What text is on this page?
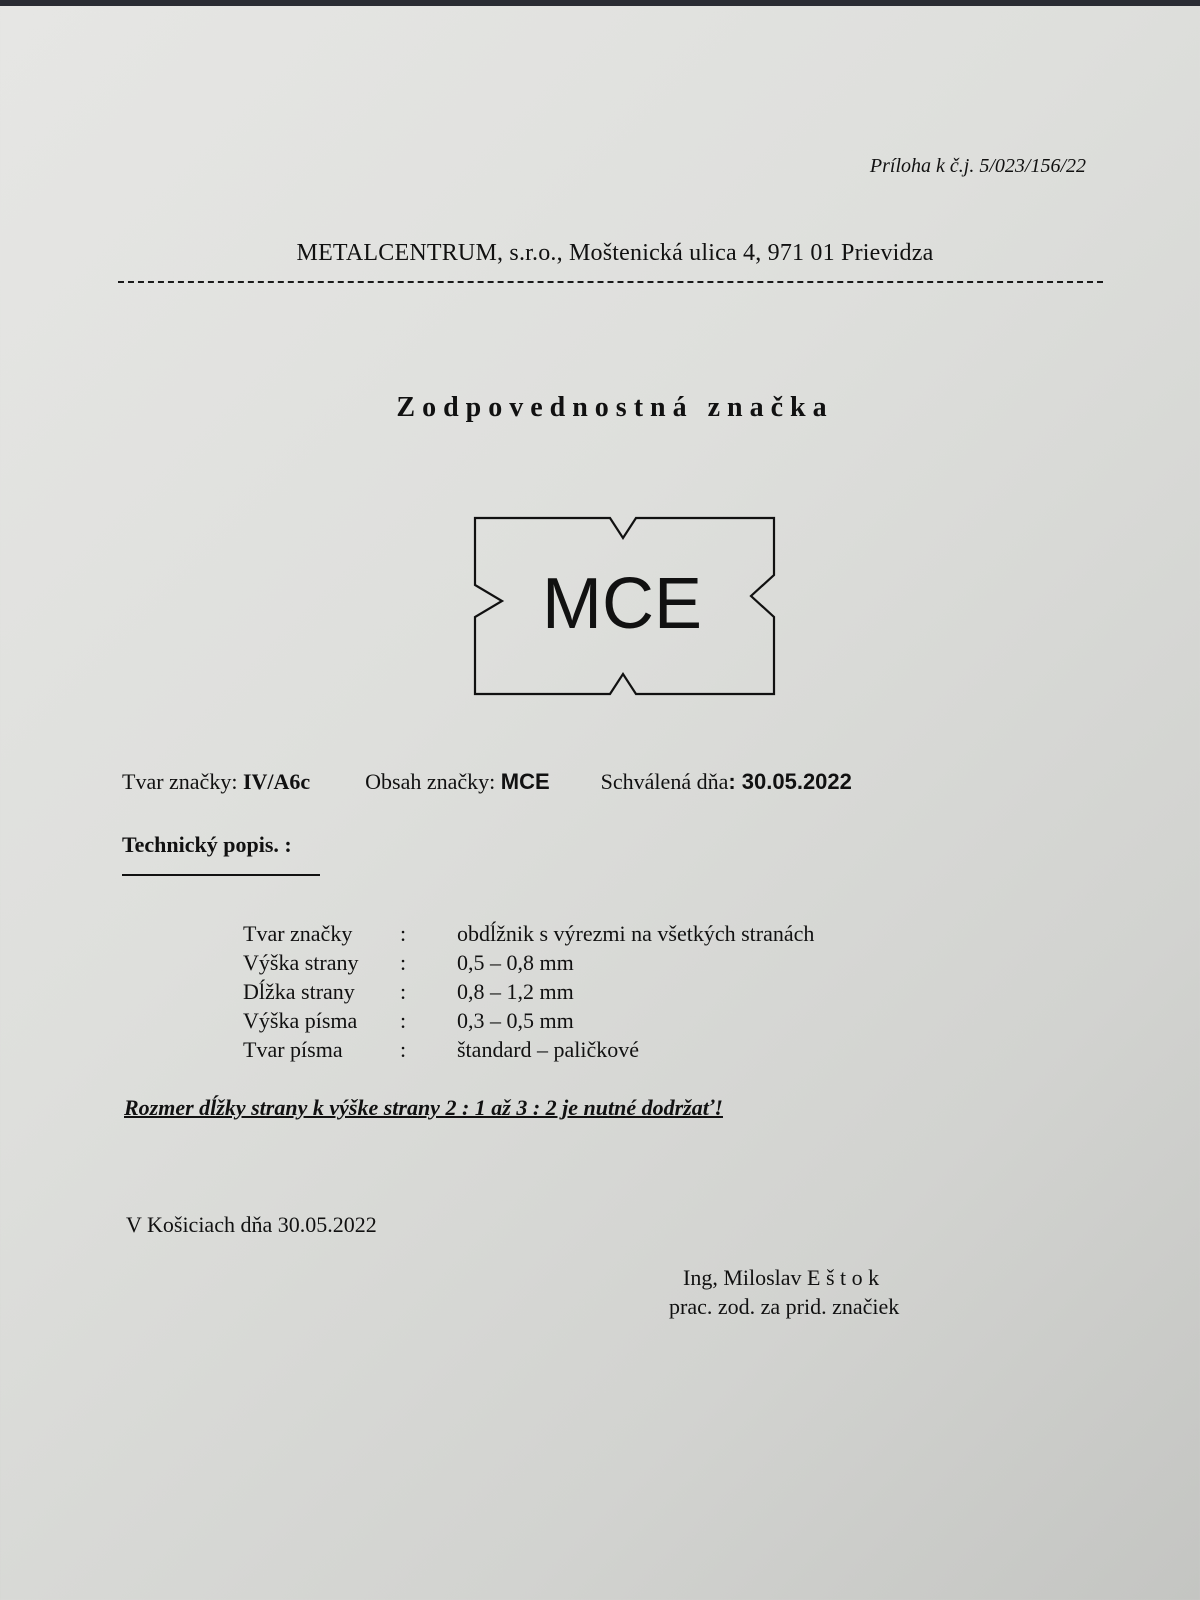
Príloha k č.j. 5/023/156/22
METALCENTRUM, s.r.o., Moštenická ulica 4, 971 01 Prievidza
Zodpovednostná značka
MCE
Tvar značky: IV/A6c	Obsah značky: MCE Schválená dňa: 30.05.2022
Technický popis. :
Tvar značky : obdĺžnik s výrezmi na všetkých stranách
Výška strany : 0,5 – 0,8 mm
Dĺžka strany : 0,8 – 1,2 mm
Výška písma : 0,3 – 0,5 mm
Tvar písma	: štandard – paličkové
Rozmer dĺžky strany k výške strany 2 : 1 až 3 : 2 je nutné dodržať!
V Košiciach dňa 30.05.2022
Ing, Miloslav E š t o k
prac. zod. za prid. značiek
